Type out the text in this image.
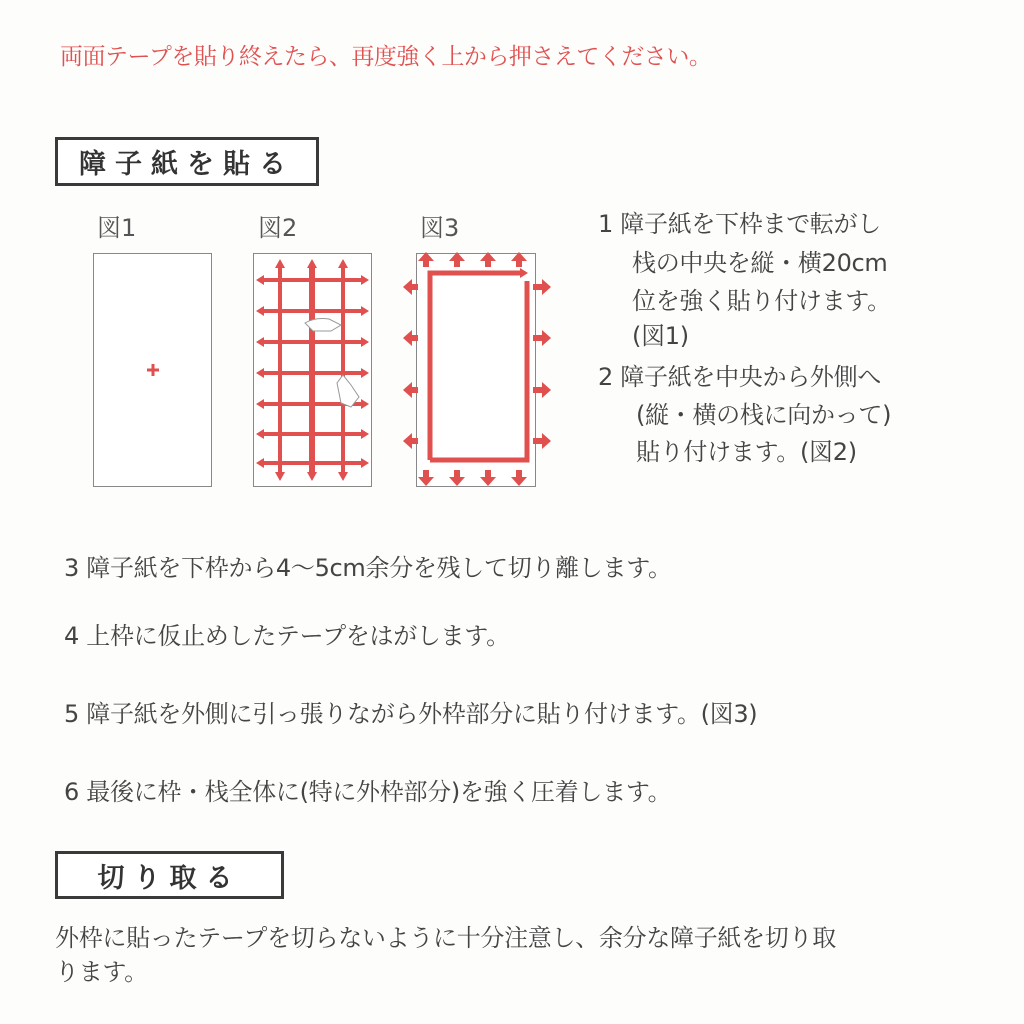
両面テープを貼り終えたら、再度強く上から押さえてください。
障子紙を貼る
図1	図2	図3	1 障子紙を下枠まで転がし
栈の中央を縦・横20cm
位を強く貼り付けます。
(図1)
2 障子紙を中央から外側へ
(縦・横の栈に向かって)
貼り付けます。(図2)
3 障子紙を下枠から4～5cm余分を残して切り離します。
4 上枠に仮止めしたテープをはがします。
5 障子紙を外側に引っ張りながら外枠部分に貼り付けます。(図3)
6 最後に枠・栈全体に(特に外枠部分)を強く圧着します。
切り取る
外枠に貼ったテープを切らないように十分注意し、余分な障子紙を切り取
ります。
